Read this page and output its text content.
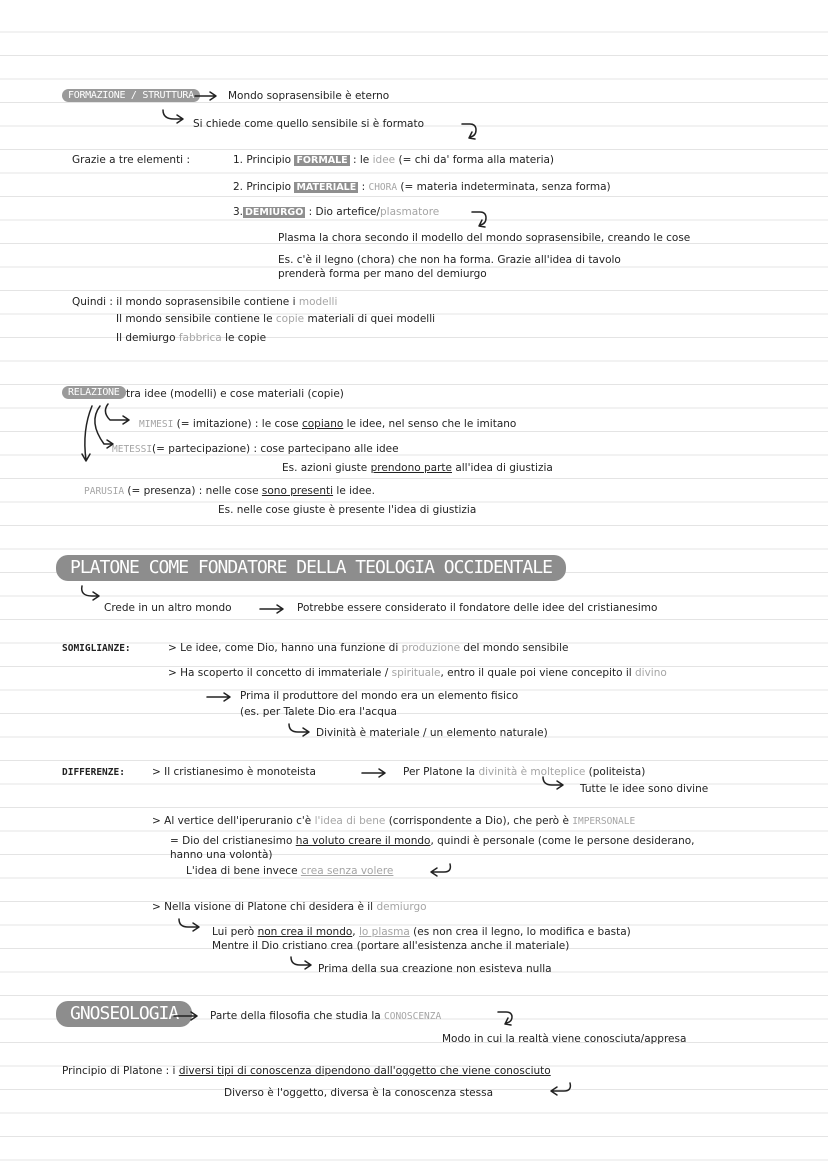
FORMAZIONE / STRUTTURA	Mondo soprasensibile è eterno
Si chiede come quello sensibile si è formato
Grazie a tre elementi :	1. Principio FORMALE : le idee (= chi da' forma alla materia)
2. Principio MATERIALE : CHORA (= materia indeterminata, senza forma)
3. DEMIURGO : Dio artefice/plasmatore
Plasma la chora secondo il modello del mondo soprasensibile, creando le cose
Es. c'è il legno (chora) che non ha forma. Grazie all'idea di tavolo
prenderà forma per mano del demiurgo
Quindi : il mondo soprasensibile contiene i modelli
Il mondo sensibile contiene le copie materiali di quei modelli
Il demiurgo fabbrica le copie
RELAZIONE tra idee (modelli) e cose materiali (copie)
MIMESI (= imitazione) : le cose copiano le idee, nel senso che le imitano
METESSI(= partecipazione) : cose partecipano alle idee
Es. azioni giuste prendono parte all'idea di giustizia
PARUSIA (= presenza) : nelle cose sono presenti le idee.
Es. nelle cose giuste è presente l'idea di giustizia
PLATONE COME FONDATORE DELLA TEOLOGIA OCCIDENTALE
Crede in un altro mondo	Potrebbe essere considerato il fondatore delle idee del cristianesimo
SOMIGLIANZE:	> Le idee, come Dio, hanno una funzione di produzione del mondo sensibile
> Ha scoperto il concetto di immateriale / spirituale, entro il quale poi viene concepito il divino
Prima il produttore del mondo era un elemento fisico
(es. per Talete Dio era l'acqua
Divinità è materiale / un elemento naturale)
DIFFERENZE:	> Il cristianesimo è monoteista	Per Platone la divinità è molteplice (politeista)
Tutte le idee sono divine
> Al vertice dell'iperuranio c'è l'idea di bene (corrispondente a Dio), che però è IMPERSONALE
= Dio del cristianesimo ha voluto creare il mondo, quindi è personale (come le persone desiderano,
hanno una volontà)
L'idea di bene invece crea senza volere
> Nella visione di Platone chi desidera è il demiurgo
Lui però non crea il mondo, lo plasma (es non crea il legno, lo modifica e basta)
Mentre il Dio cristiano crea (portare all'esistenza anche il materiale)
Prima della sua creazione non esisteva nulla
GNOSEOLOGIA	Parte della filosofia che studia la CONOSCENZA
Modo in cui la realtà viene conosciuta/appresa
Principio di Platone : i diversi tipi di conoscenza dipendono dall'oggetto che viene conosciuto
Diverso è l'oggetto, diversa è la conoscenza stessa
